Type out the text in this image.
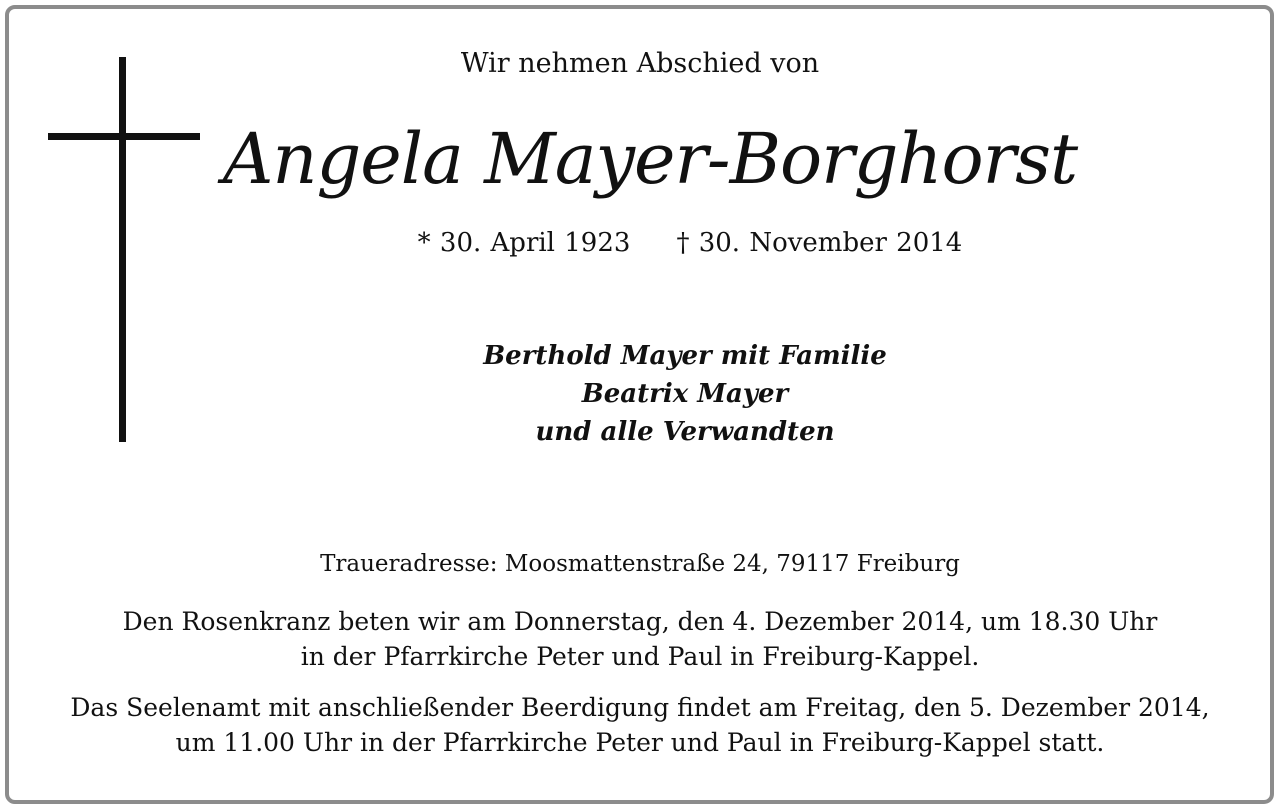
Wir nehmen Abschied von
Angela Mayer-Borghorst
* 30. April 1923 † 30. November 2014
Berthold Mayer mit Familie
Beatrix Mayer
und alle Verwandten
Traueradresse: Moosmattenstraße 24, 79117 Freiburg
Den Rosenkranz beten wir am Donnerstag, den 4. Dezember 2014, um 18.30 Uhr
in der Pfarrkirche Peter und Paul in Freiburg-Kappel.
Das Seelenamt mit anschließender Beerdigung findet am Freitag, den 5. Dezember 2014,
um 11.00 Uhr in der Pfarrkirche Peter und Paul in Freiburg-Kappel statt.
